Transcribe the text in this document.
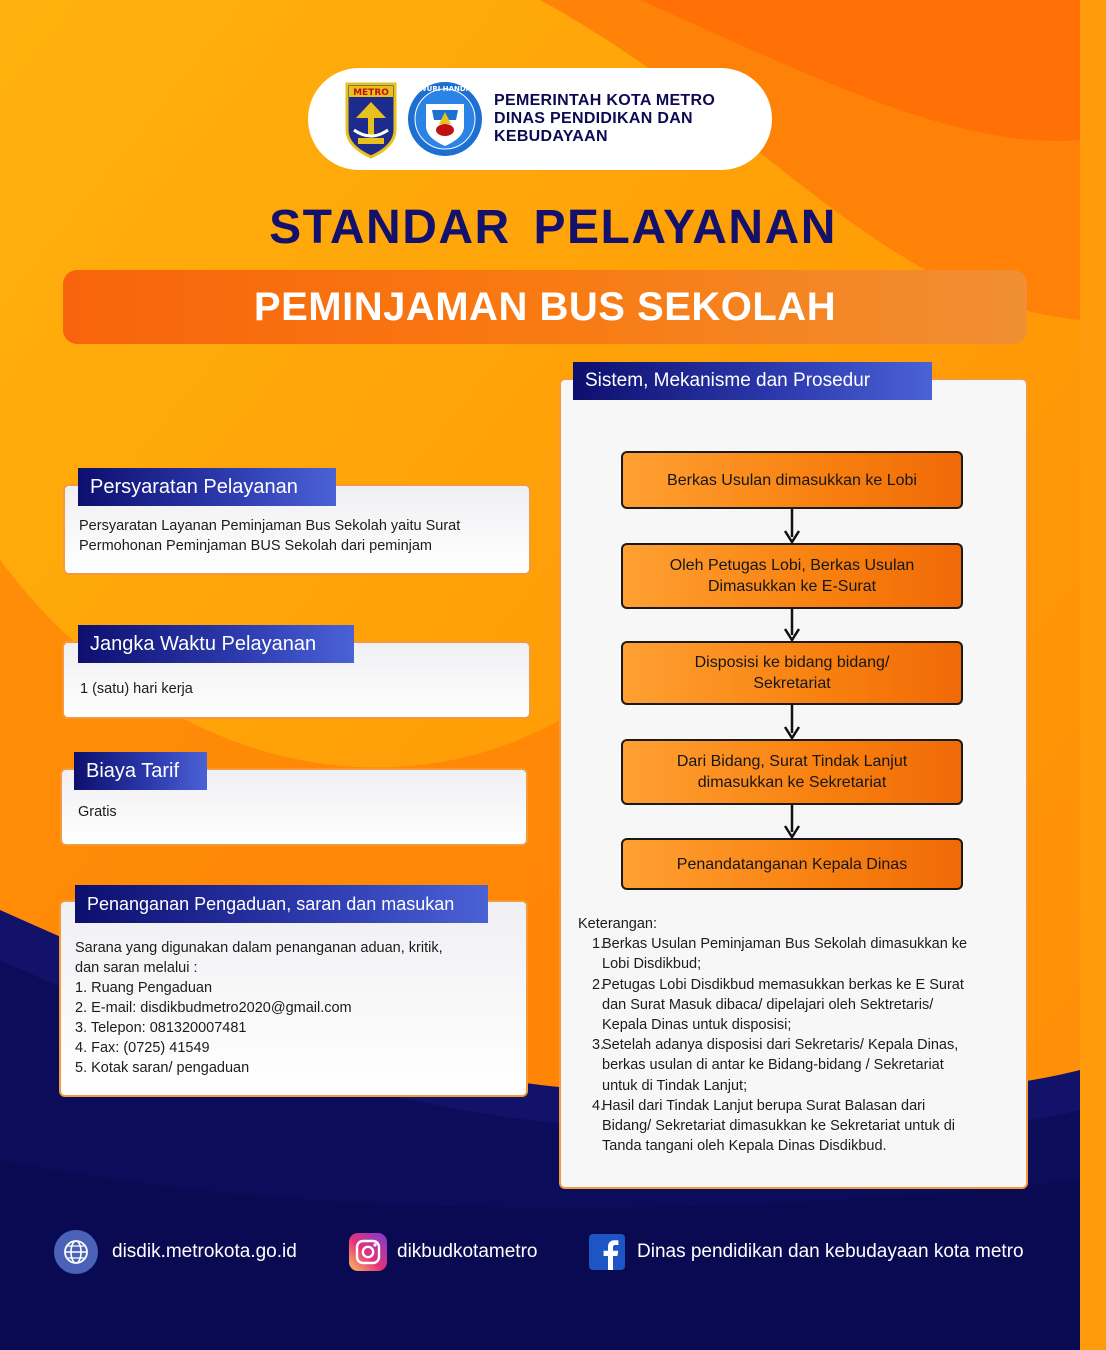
METRO TUT WURI HANDAYANI
PEMERINTAH KOTA METRO
DINAS PENDIDIKAN DAN
KEBUDAYAAN
STANDAR PELAYANAN
PEMINJAMAN BUS SEKOLAH
Persyaratan Layanan Peminjaman Bus Sekolah yaitu Surat
Permohonan Peminjaman BUS Sekolah dari peminjam
Persyaratan Pelayanan
1 (satu) hari kerja
Jangka Waktu Pelayanan
Gratis
Biaya Tarif
Sarana yang digunakan dalam penanganan aduan, kritik,
dan saran melalui :
1. Ruang Pengaduan
2. E-mail: disdikbudmetro2020@gmail.com
3. Telepon: 081320007481
4. Fax: (0725) 41549
5. Kotak saran/ pengaduan
Penanganan Pengaduan, saran dan masukan
Sistem, Mekanisme dan Prosedur
Berkas Usulan dimasukkan ke Lobi
Oleh Petugas Lobi, Berkas Usulan
Dimasukkan ke E-Surat
Disposisi ke bidang bidang/
Sekretariat
Dari Bidang, Surat Tindak Lanjut
dimasukkan ke Sekretariat
Penandatanganan Kepala Dinas
Keterangan:
1.
Berkas Usulan Peminjaman Bus Sekolah dimasukkan ke
Lobi Disdikbud;
2.
Petugas Lobi Disdikbud memasukkan berkas ke E Surat
dan Surat Masuk dibaca/ dipelajari oleh Sektretaris/
Kepala Dinas untuk disposisi;
3.
Setelah adanya disposisi dari Sekretaris/ Kepala Dinas,
berkas usulan di antar ke Bidang-bidang / Sekretariat
untuk di Tindak Lanjut;
4.
Hasil dari Tindak Lanjut berupa Surat Balasan dari
Bidang/ Sekretariat dimasukkan ke Sekretariat untuk di
Tanda tangani oleh Kepala Dinas Disdikbud.
disdik.metrokota.go.id	dikbudkotametro	Dinas pendidikan dan kebudayaan kota metro
